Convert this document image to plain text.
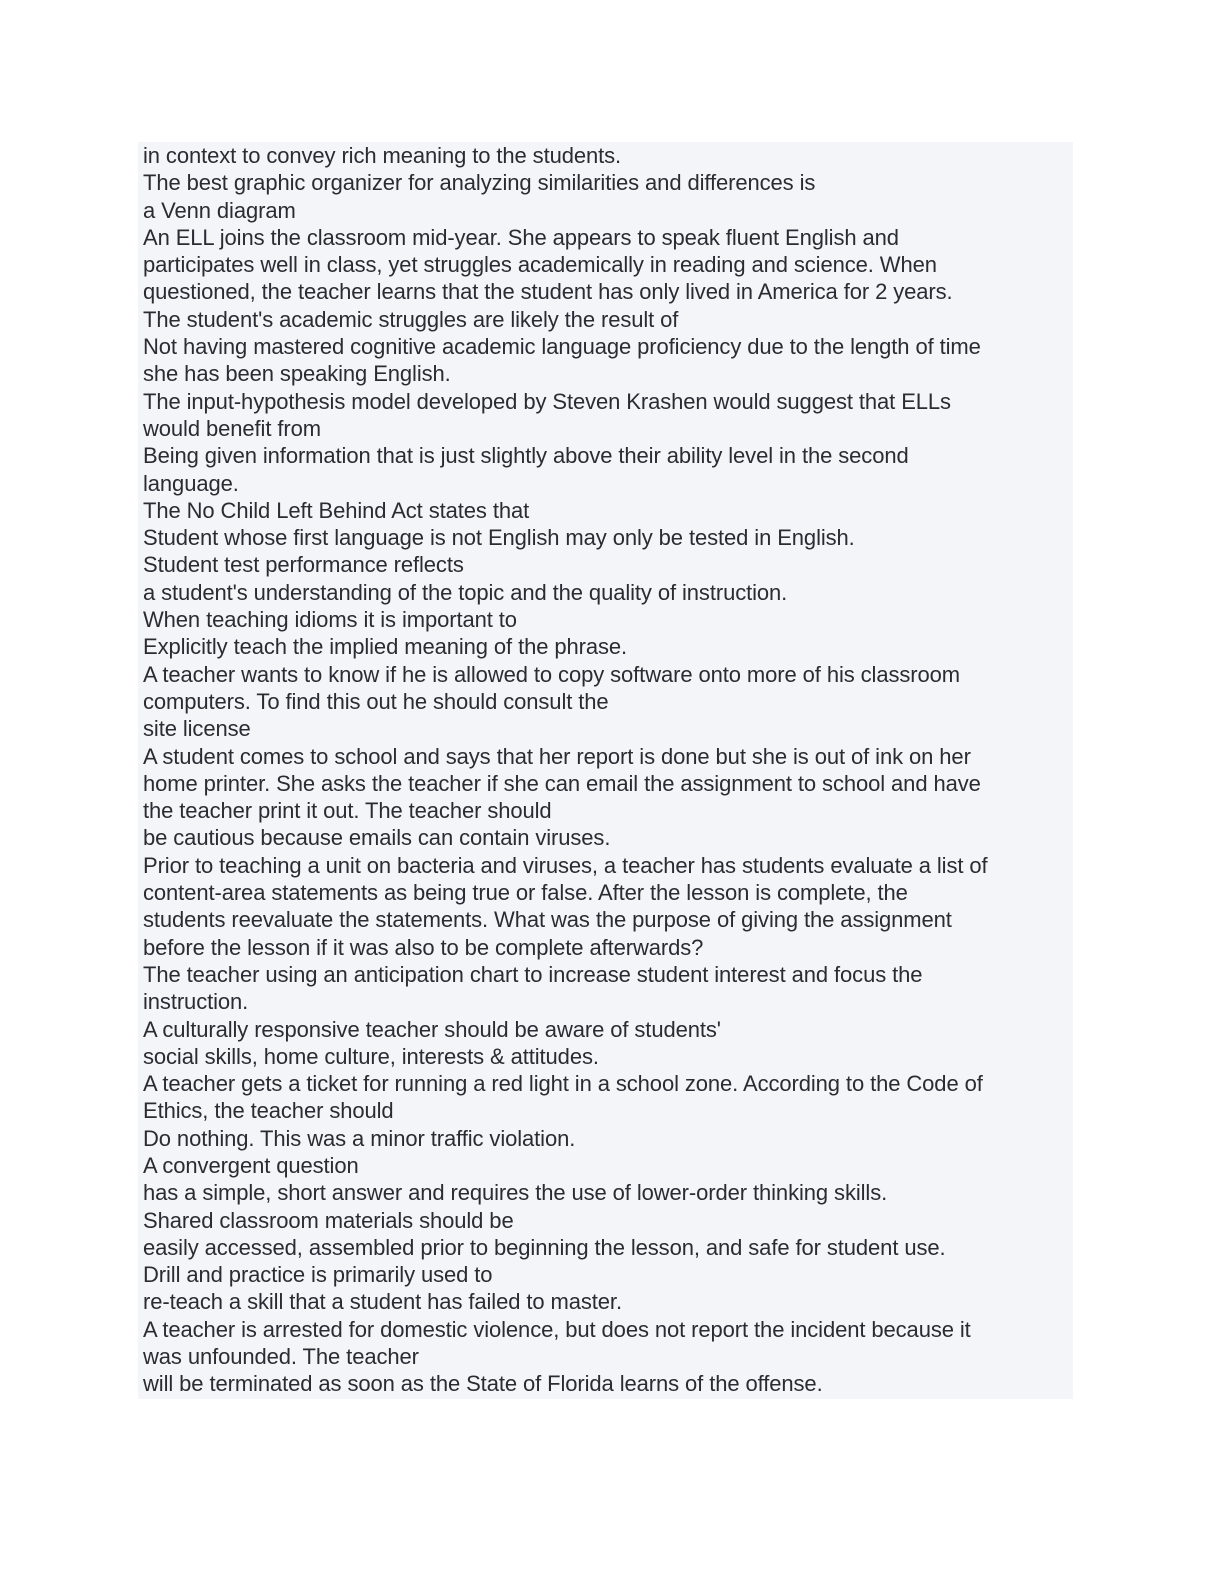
in context to convey rich meaning to the students.
The best graphic organizer for analyzing similarities and differences is
a Venn diagram
An ELL joins the classroom mid-year. She appears to speak fluent English and
participates well in class, yet struggles academically in reading and science. When
questioned, the teacher learns that the student has only lived in America for 2 years.
The student's academic struggles are likely the result of
Not having mastered cognitive academic language proficiency due to the length of time
she has been speaking English.
The input-hypothesis model developed by Steven Krashen would suggest that ELLs
would benefit from
Being given information that is just slightly above their ability level in the second
language.
The No Child Left Behind Act states that
Student whose first language is not English may only be tested in English.
Student test performance reflects
a student's understanding of the topic and the quality of instruction.
When teaching idioms it is important to
Explicitly teach the implied meaning of the phrase.
A teacher wants to know if he is allowed to copy software onto more of his classroom
computers. To find this out he should consult the
site license
A student comes to school and says that her report is done but she is out of ink on her
home printer. She asks the teacher if she can email the assignment to school and have
the teacher print it out. The teacher should
be cautious because emails can contain viruses.
Prior to teaching a unit on bacteria and viruses, a teacher has students evaluate a list of
content-area statements as being true or false. After the lesson is complete, the
students reevaluate the statements. What was the purpose of giving the assignment
before the lesson if it was also to be complete afterwards?
The teacher using an anticipation chart to increase student interest and focus the
instruction.
A culturally responsive teacher should be aware of students'
social skills, home culture, interests & attitudes.
A teacher gets a ticket for running a red light in a school zone. According to the Code of
Ethics, the teacher should
Do nothing. This was a minor traffic violation.
A convergent question
has a simple, short answer and requires the use of lower-order thinking skills.
Shared classroom materials should be
easily accessed, assembled prior to beginning the lesson, and safe for student use.
Drill and practice is primarily used to
re-teach a skill that a student has failed to master.
A teacher is arrested for domestic violence, but does not report the incident because it
was unfounded. The teacher
will be terminated as soon as the State of Florida learns of the offense.
